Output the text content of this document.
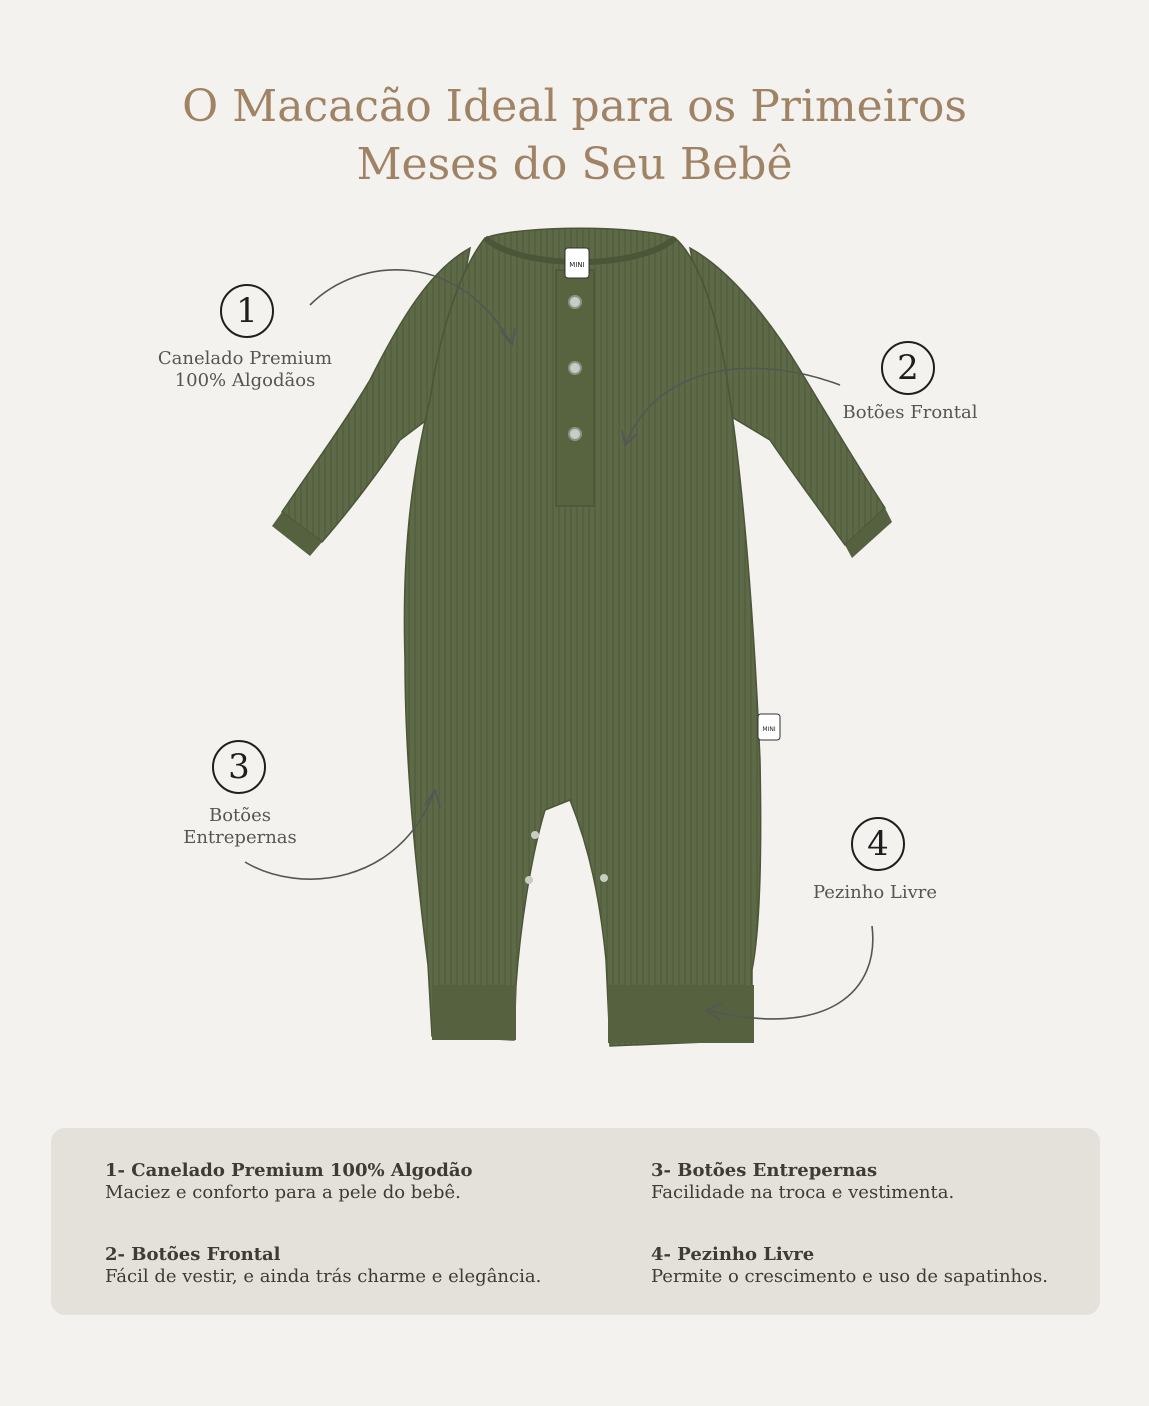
O Macacão Ideal para os Primeiros
Meses do Seu Bebê
MINI
MINI
1
Canelado Premium
100% Algodãos	2
Botões Frontal
3
Botões
Entrepernas	4
Pezinho Livre
1- Canelado Premium 100% Algodão
Maciez e conforto para a pele do bebê.
2- Botões Frontal
Fácil de vestir, e ainda trás charme e elegância.
3- Botões Entrepernas
Facilidade na troca e vestimenta.
4- Pezinho Livre
Permite o crescimento e uso de sapatinhos.
